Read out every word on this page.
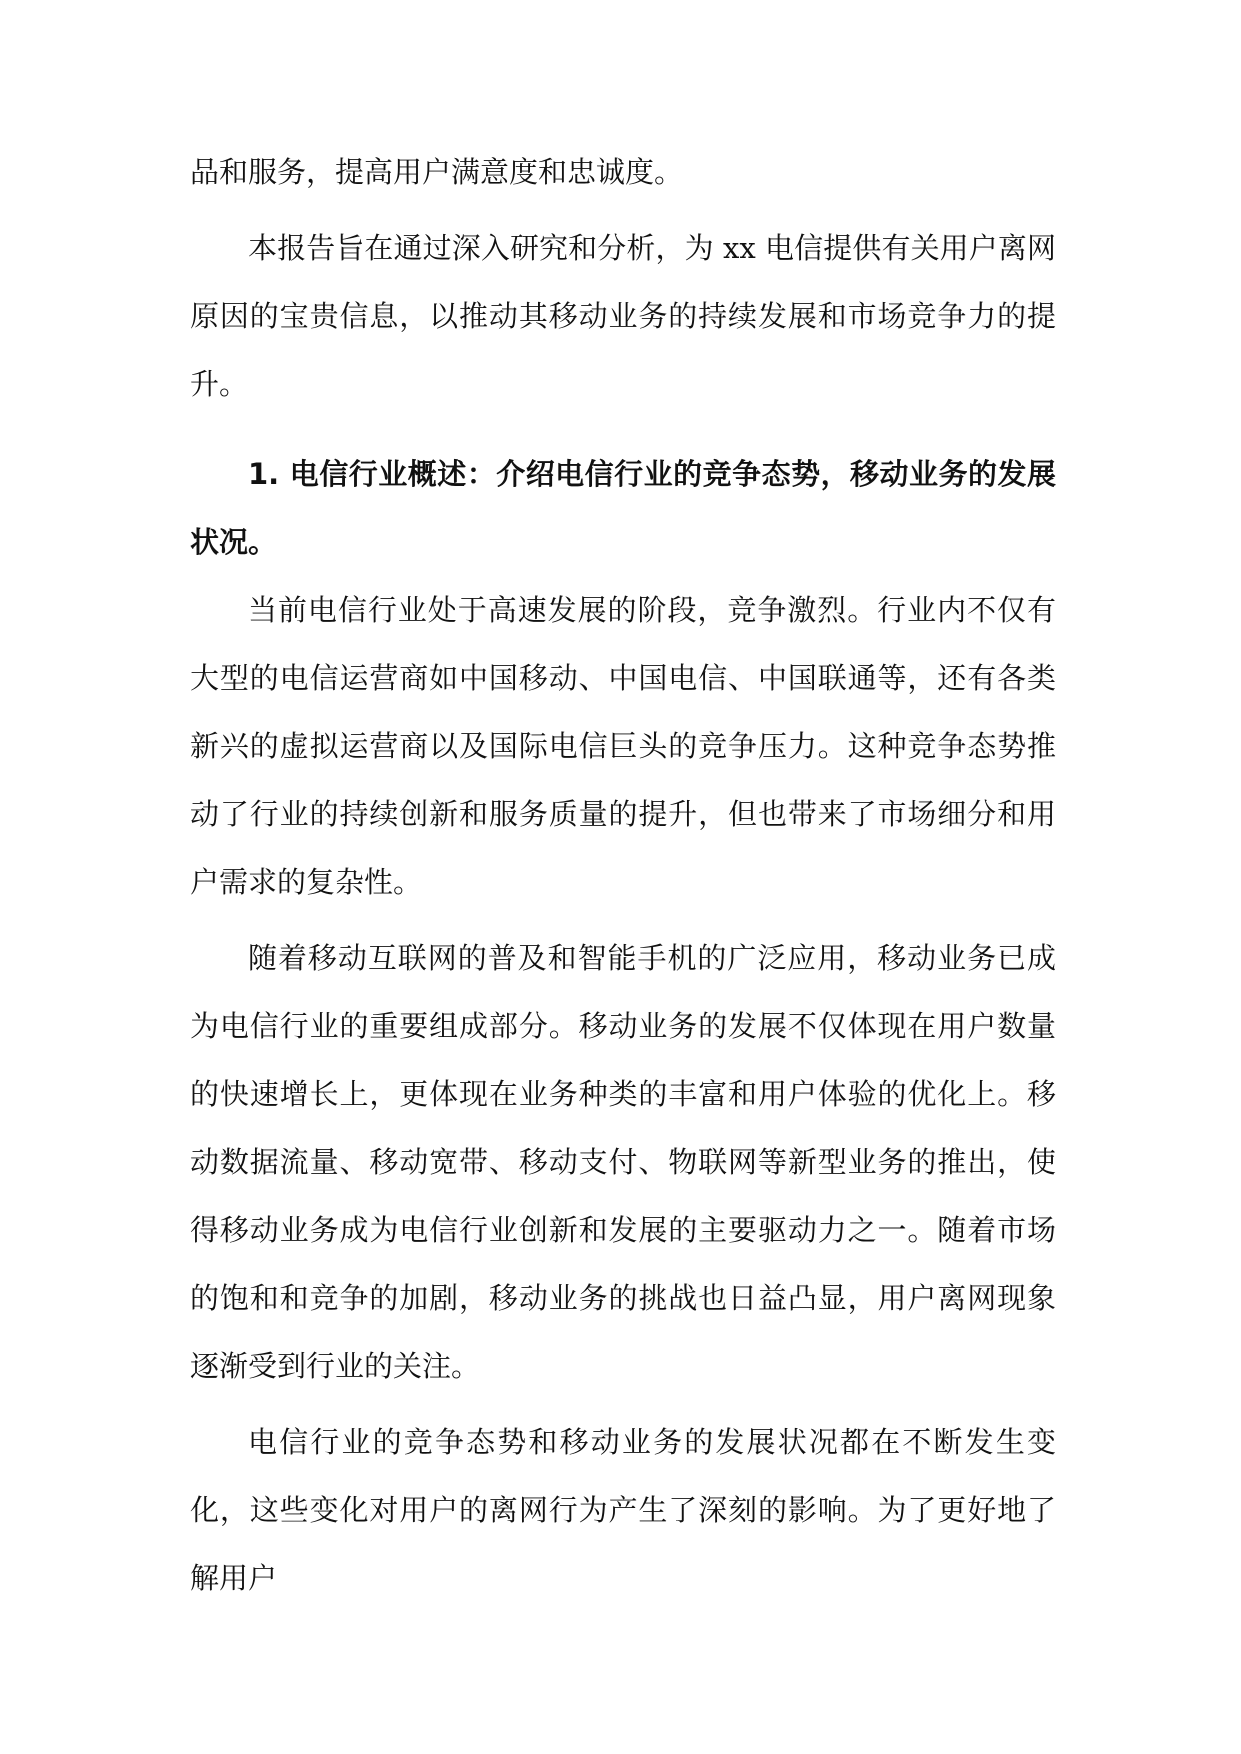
品和服务，提高用户满意度和忠诚度。

本报告旨在通过深入研究和分析，为 xx 电信提供有关用户离网原因的宝贵信息，以推动其移动业务的持续发展和市场竞争力的提升。

1. 电信行业概述：介绍电信行业的竞争态势，移动业务的发展状况。

当前电信行业处于高速发展的阶段，竞争激烈。行业内不仅有大型的电信运营商如中国移动、中国电信、中国联通等，还有各类新兴的虚拟运营商以及国际电信巨头的竞争压力。这种竞争态势推动了行业的持续创新和服务质量的提升，但也带来了市场细分和用户需求的复杂性。

随着移动互联网的普及和智能手机的广泛应用，移动业务已成为电信行业的重要组成部分。移动业务的发展不仅体现在用户数量的快速增长上，更体现在业务种类的丰富和用户体验的优化上。移动数据流量、移动宽带、移动支付、物联网等新型业务的推出，使得移动业务成为电信行业创新和发展的主要驱动力之一。随着市场的饱和和竞争的加剧，移动业务的挑战也日益凸显，用户离网现象逐渐受到行业的关注。

电信行业的竞争态势和移动业务的发展状况都在不断发生变化，这些变化对用户的离网行为产生了深刻的影响。为了更好地了解用户
